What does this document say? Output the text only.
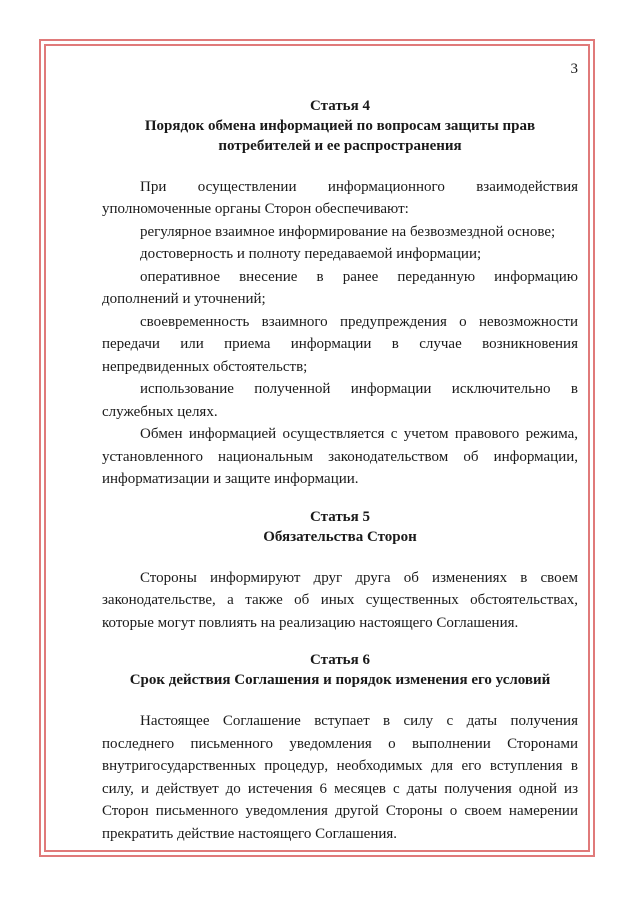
3
Статья 4
Порядок обмена информацией по вопросам защиты прав
потребителей и ее распространения

При осуществлении информационного взаимодействия уполномоченные органы Сторон обеспечивают:

регулярное взаимное информирование на безвозмездной основе;

достоверность и полноту передаваемой информации;

оперативное внесение в ранее переданную информацию дополнений и уточнений;

своевременность взаимного предупреждения о невозможности передачи или приема информации в случае возникновения непредвиденных обстоятельств;

использование полученной информации исключительно в служебных целях.

Обмен информацией осуществляется с учетом правового режима, установленного национальным законодательством об информации, информатизации и защите информации.

Статья 5
Обязательства Сторон

Стороны информируют друг друга об изменениях в своем законодательстве, а также об иных существенных обстоятельствах, которые могут повлиять на реализацию настоящего Соглашения.

Статья 6
Срок действия Соглашения и порядок изменения его условий

Настоящее Соглашение вступает в силу с даты получения последнего письменного уведомления о выполнении Сторонами внутригосударственных процедур, необходимых для его вступления в силу, и действует до истечения 6 месяцев с даты получения одной из Сторон письменного уведомления другой Стороны о своем намерении прекратить действие настоящего Соглашения.
